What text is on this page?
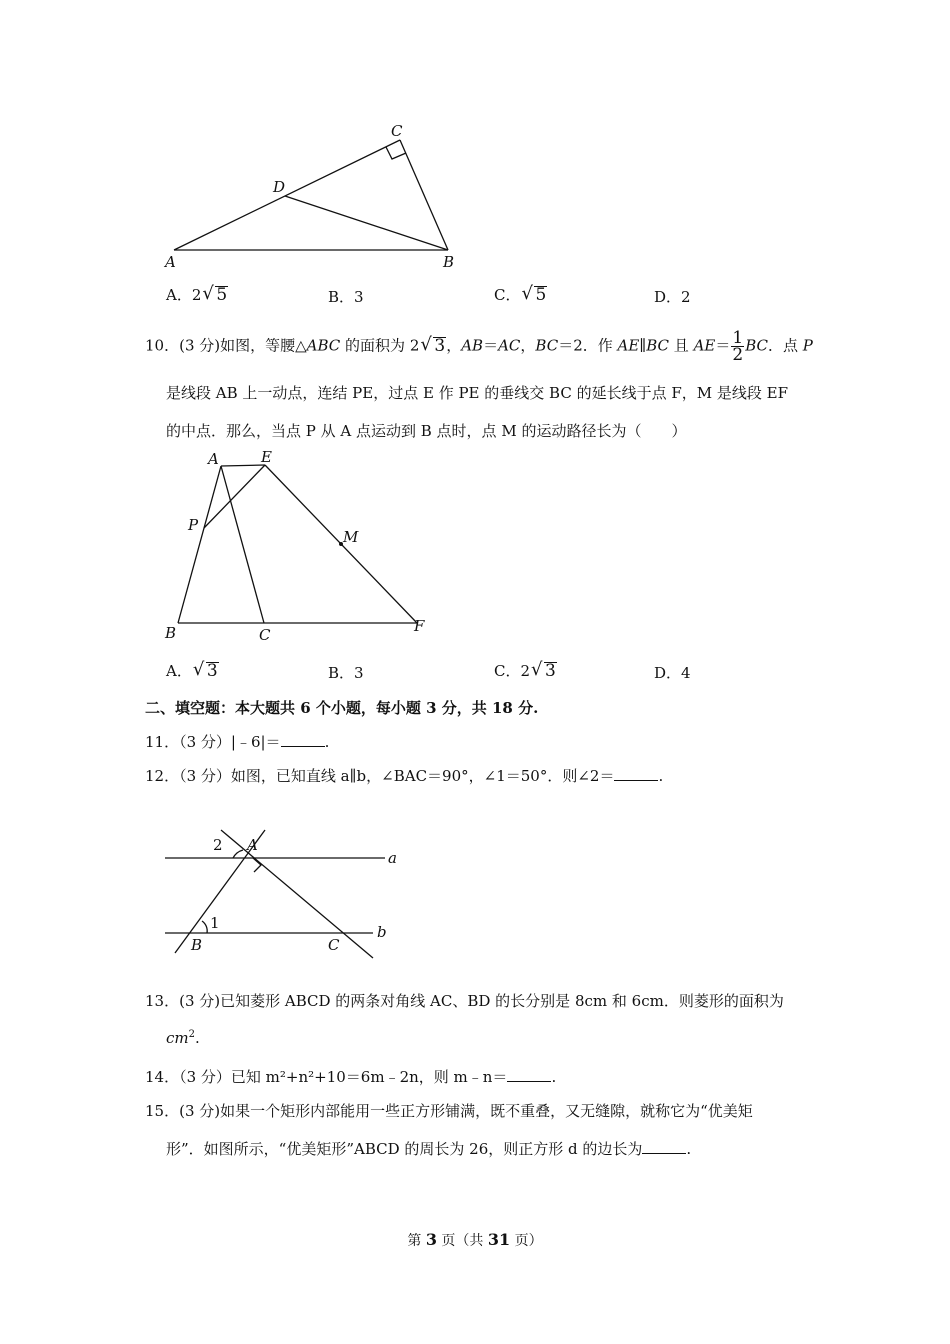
C
D
A	B
A．2 √ 5	B．3	C． √ 5	D．2
10．(3 分)如图，等腰△ABC 的面积为 2 √ 3，AB＝AC，BC＝2．作 AE∥BC 且 $AE= \frac{1}{2}$ BC．点 P
是线段 AB 上一动点，连结 PE，过点 E 作 PE 的垂线交 BC 的延长线于点 F，M 是线段 EF
的中点．那么，当点 P 从 A 点运动到 B 点时，点 M 的运动路径长为（　　）
A	E
P
M
B	C	F
A． √ 3	B．3	C．2 √ 3	D．4
二、填空题：本大题共 6 个小题，每小题 3 分，共 18 分.
11．（3 分）|﹣6|＝	.
12．（3 分）如图，已知直线 a∥b，∠BAC＝90°，∠1＝50°．则∠2＝	.
2 A
a
1
B	C
b
13．(3 分)已知菱形 ABCD 的两条对角线 AC、BD 的长分别是 8cm 和 6cm．则菱形的面积为
$cm^2$.
14．（3 分）已知 m²+n²+10＝6m﹣2n，则 m﹣n＝	.
15．(3 分)如果一个矩形内部能用一些正方形铺满，既不重叠，又无缝隙，就称它为“优美矩
形”．如图所示，“优美矩形”ABCD 的周长为 26，则正方形 d 的边长为	.
第 3 页（共 31 页）
